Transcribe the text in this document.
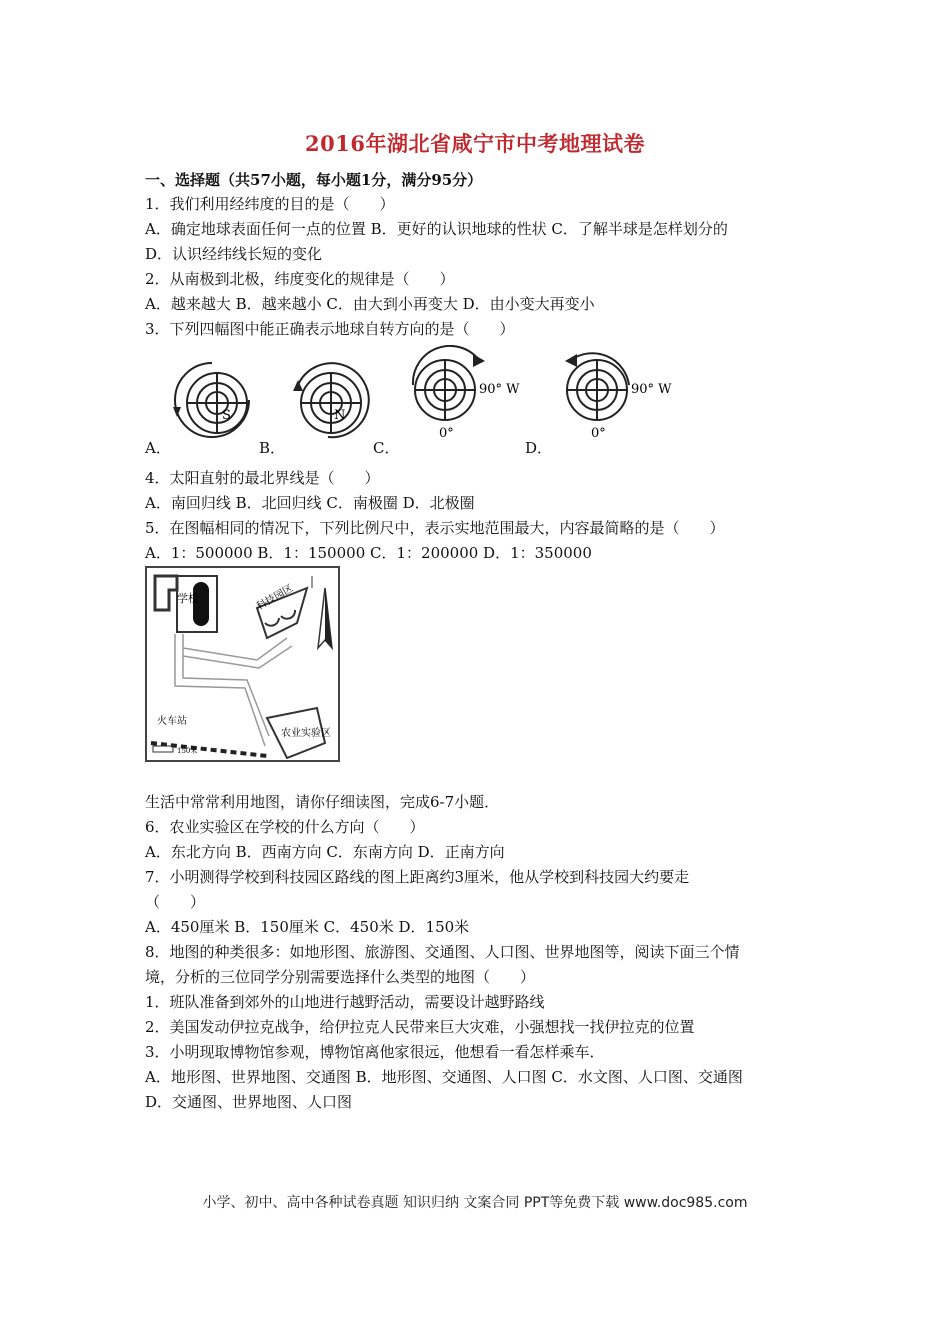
2016年湖北省咸宁市中考地理试卷
一、选择题（共57小题，每小题1分，满分95分）
1．我们利用经纬度的目的是（　　）
A．确定地球表面任何一点的位置 B．更好的认识地球的性状 C．了解半球是怎样划分的
D．认识经纬线长短的变化
2．从南极到北极，纬度变化的规律是（　　）
A．越来越大 B．越来越小 C．由大到小再变大 D．由小变大再变小
3．下列四幅图中能正确表示地球自转方向的是（　　）
S
A．
N
B．
90° W
0°
C．
90° W
0°
D．
4．太阳直射的最北界线是（　　）
A．南回归线 B．北回归线 C．南极圈 D．北极圈
5．在图幅相同的情况下，下列比例尺中，表示实地范围最大，内容最简略的是（　　）
A．1：500000 B．1：150000 C．1：200000 D．1：350000
学校	科技园区
农业实验区
火车站
150米
生活中常常利用地图，请你仔细读图，完成6-7小题．
6．农业实验区在学校的什么方向（　　）
A．东北方向 B．西南方向 C．东南方向 D．正南方向
7．小明测得学校到科技园区路线的图上距离约3厘米，他从学校到科技园大约要走
（　　）
A．450厘米 B．150厘米 C．450米 D．150米
8．地图的种类很多：如地形图、旅游图、交通图、人口图、世界地图等，阅读下面三个情
境，分析的三位同学分别需要选择什么类型的地图（　　）
1．班队准备到郊外的山地进行越野活动，需要设计越野路线
2．美国发动伊拉克战争，给伊拉克人民带来巨大灾难，小强想找一找伊拉克的位置
3．小明现取博物馆参观，博物馆离他家很远，他想看一看怎样乘车．
A．地形图、世界地图、交通图 B．地形图、交通图、人口图 C．水文图、人口图、交通图
D．交通图、世界地图、人口图
小学、初中、高中各种试卷真题 知识归纳 文案合同 PPT等免费下载 www.doc985.com
